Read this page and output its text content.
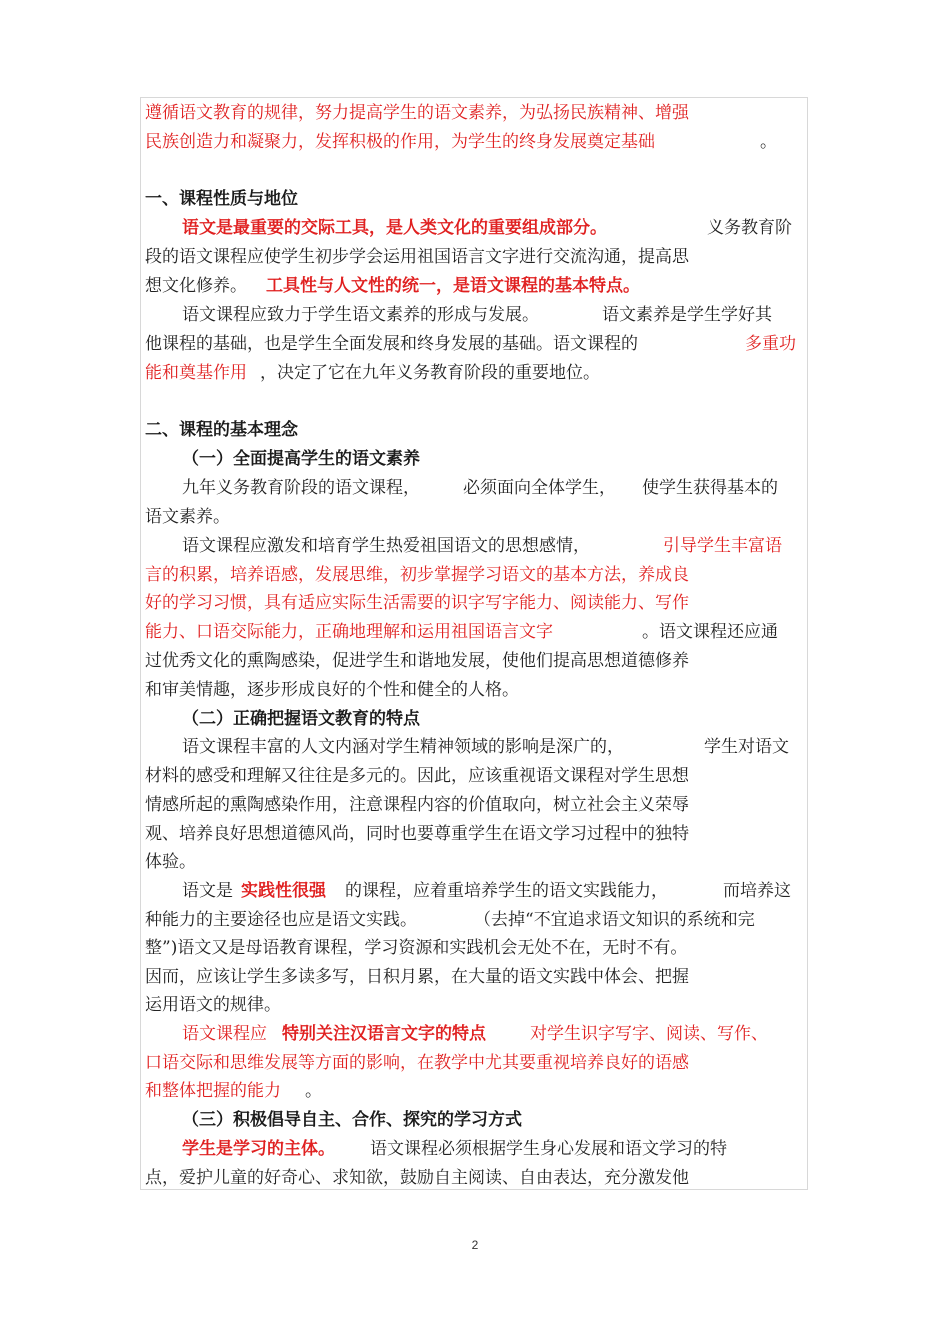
遵循语文教育的规律，努力提高学生的语文素养，为弘扬民族精神、增强
民族创造力和凝聚力，发挥积极的作用，为学生的终身发展奠定基础	。
一、课程性质与地位
语文是最重要的交际工具，是人类文化的重要组成部分。	义务教育阶
段的语文课程应使学生初步学会运用祖国语言文字进行交流沟通，提高思
想文化修养。 工具性与人文性的统一，是语文课程的基本特点。
语文课程应致力于学生语文素养的形成与发展。	语文素养是学生学好其
他课程的基础，也是学生全面发展和终身发展的基础。语文课程的	多重功
能和奠基作用 ，决定了它在九年义务教育阶段的重要地位。
二、课程的基本理念
（一）全面提高学生的语文素养
九年义务教育阶段的语文课程，	必须面向全体学生， 使学生获得基本的
语文素养。
语文课程应激发和培育学生热爱祖国语文的思想感情，	引导学生丰富语
言的积累，培养语感，发展思维，初步掌握学习语文的基本方法，养成良
好的学习习惯，具有适应实际生活需要的识字写字能力、阅读能力、写作
能力、口语交际能力，正确地理解和运用祖国语言文字	。语文课程还应通
过优秀文化的熏陶感染，促进学生和谐地发展，使他们提高思想道德修养
和审美情趣，逐步形成良好的个性和健全的人格。
（二）正确把握语文教育的特点
语文课程丰富的人文内涵对学生精神领域的影响是深广的，	学生对语文
材料的感受和理解又往往是多元的。因此，应该重视语文课程对学生思想
情感所起的熏陶感染作用，注意课程内容的价值取向，树立社会主义荣辱
观、培养良好思想道德风尚，同时也要尊重学生在语文学习过程中的独特
体验。
语文是 实践性很强 的课程，应着重培养学生的语文实践能力，	而培养这
种能力的主要途径也应是语文实践。	（去掉“不宜追求语文知识的系统和完
整”)语文又是母语教育课程，学习资源和实践机会无处不在，无时不有。
因而，应该让学生多读多写，日积月累，在大量的语文实践中体会、把握
运用语文的规律。
语文课程应 特别关注汉语言文字的特点	对学生识字写字、阅读、写作、
口语交际和思维发展等方面的影响，在教学中尤其要重视培养良好的语感
和整体把握的能力 。
（三）积极倡导自主、合作、探究的学习方式
学生是学习的主体。 语文课程必须根据学生身心发展和语文学习的特
点，爱护儿童的好奇心、求知欲，鼓励自主阅读、自由表达，充分激发他
2
